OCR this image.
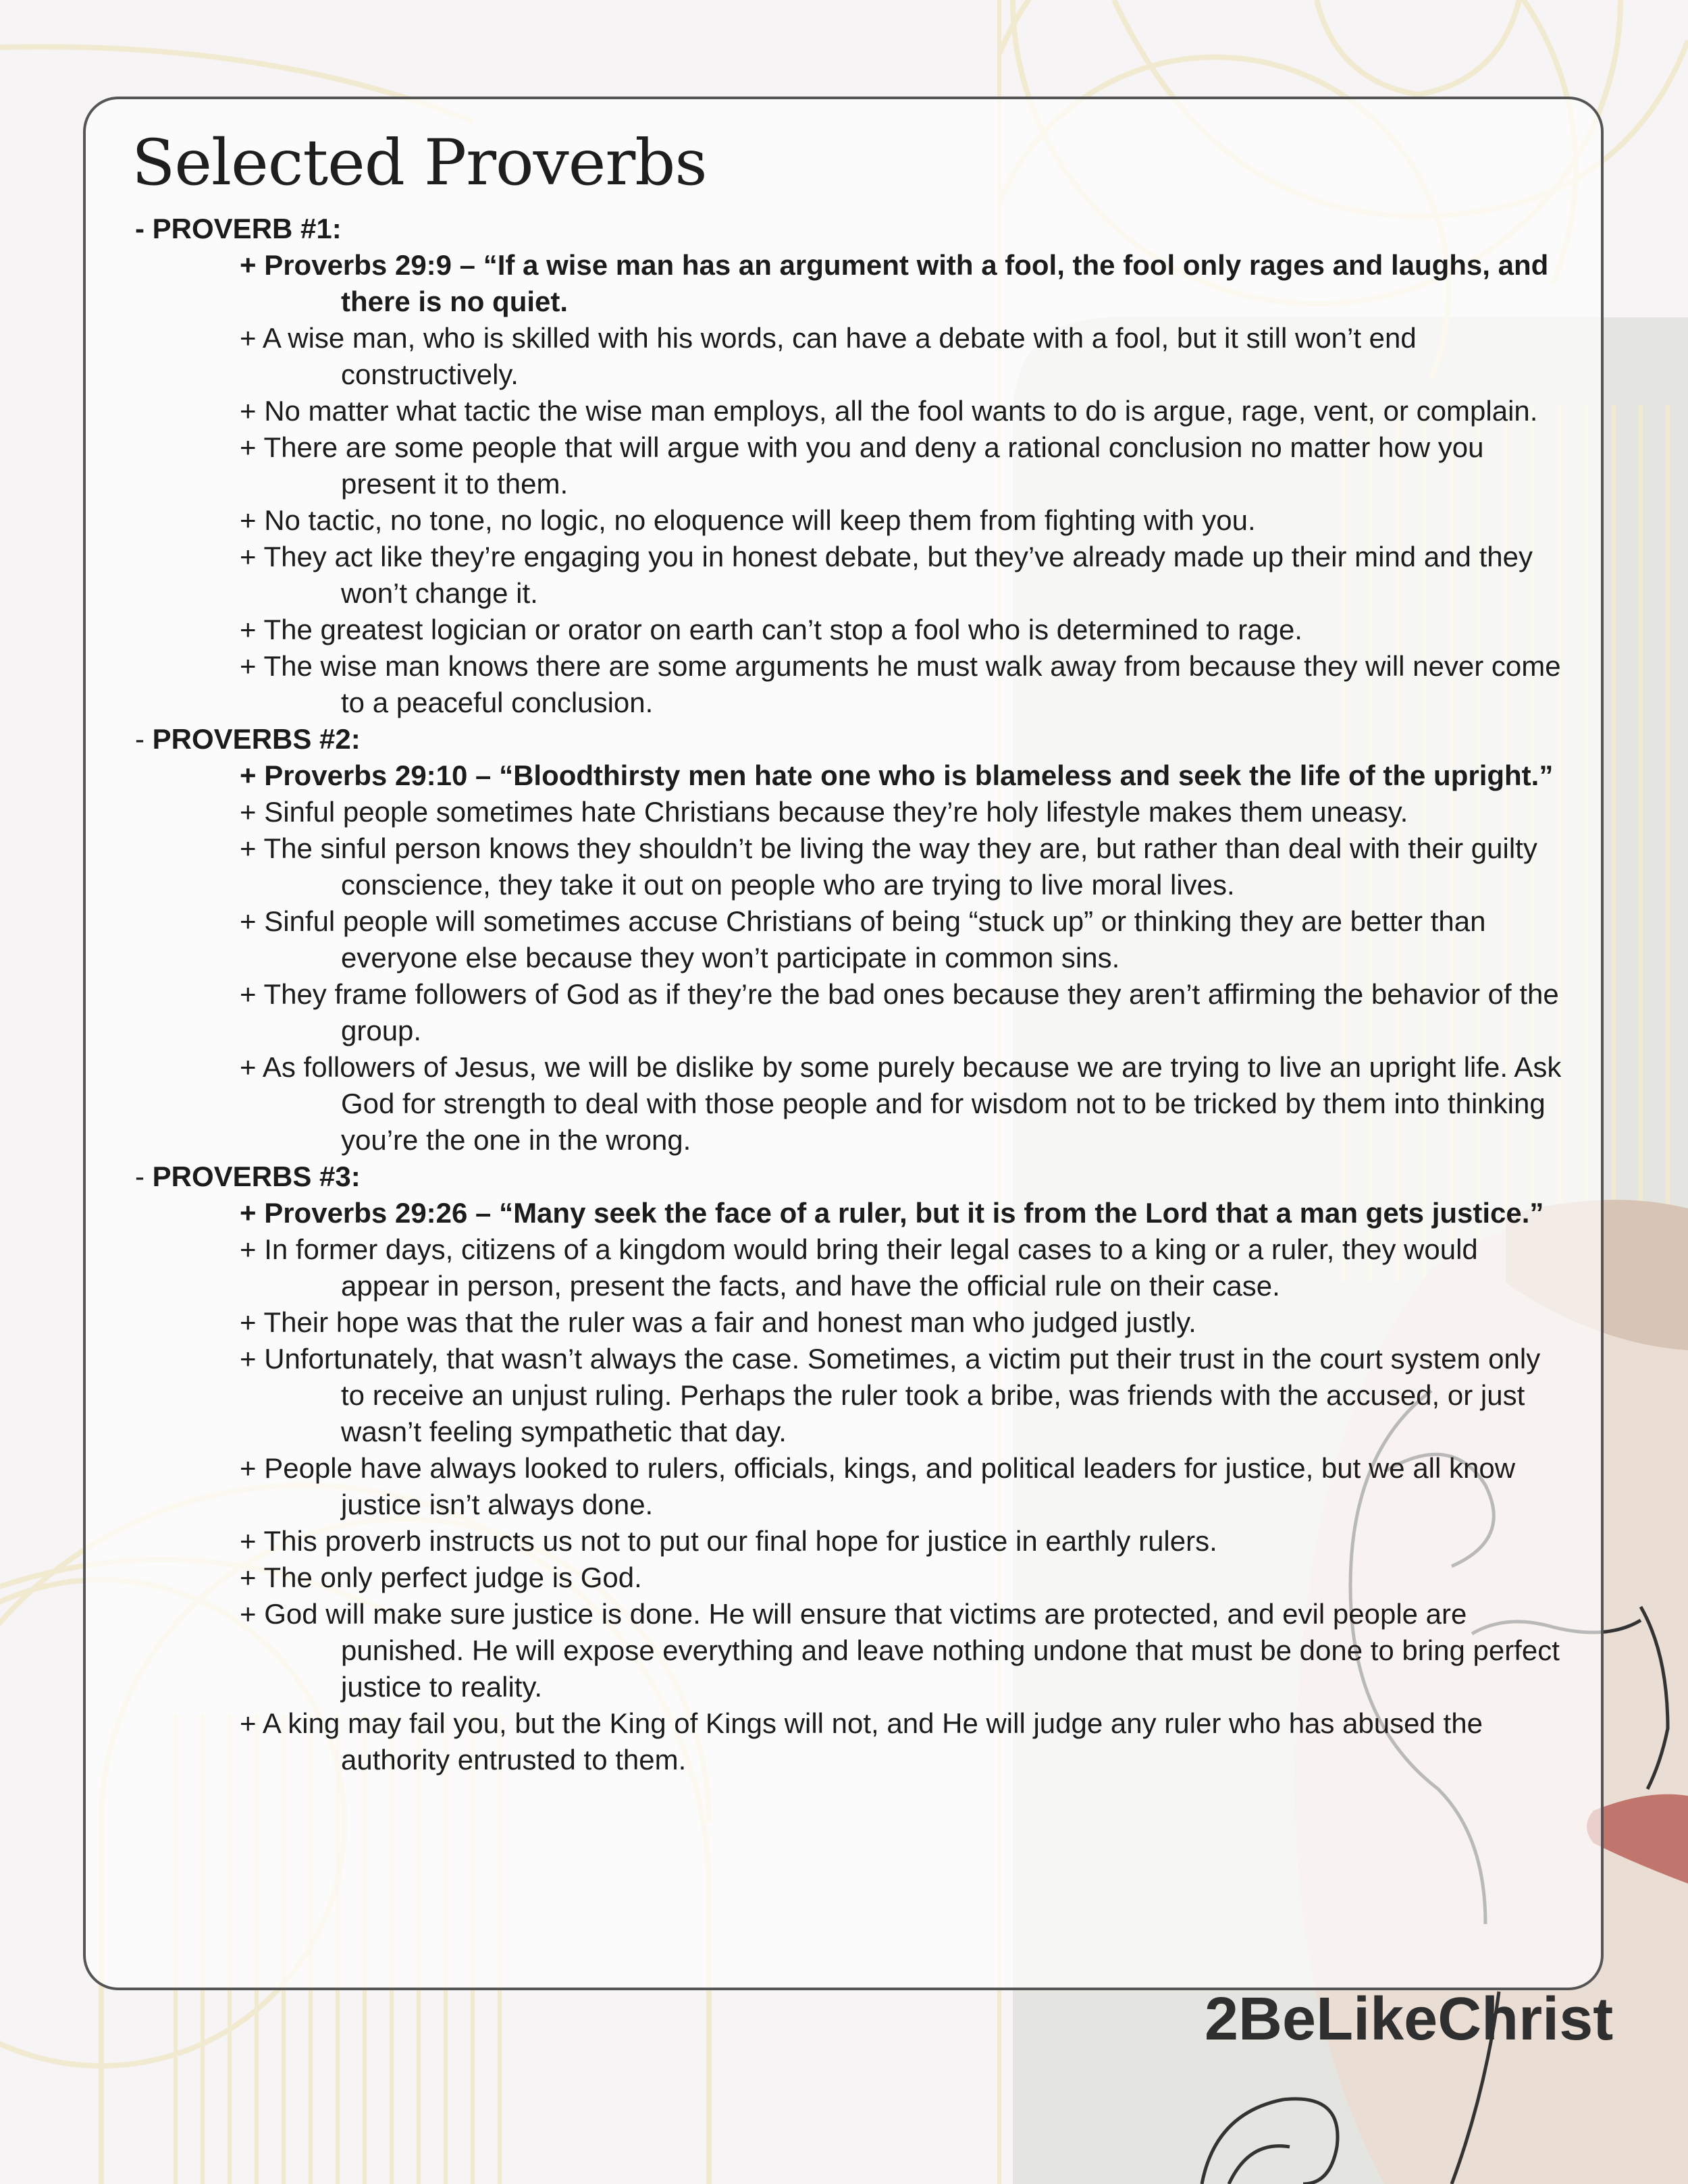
Selected Proverbs
- PROVERB #1:
+ Proverbs 29:9 – “If a wise man has an argument with a fool, the fool only rages and laughs, and there is no quiet.
+ A wise man, who is skilled with his words, can have a debate with a fool, but it still won’t end constructively.
+ No matter what tactic the wise man employs, all the fool wants to do is argue, rage, vent, or complain.
+ There are some people that will argue with you and deny a rational conclusion no matter how you present it to them.
+ No tactic, no tone, no logic, no eloquence will keep them from fighting with you.
+ They act like they’re engaging you in honest debate, but they’ve already made up their mind and they won’t change it.
+ The greatest logician or orator on earth can’t stop a fool who is determined to rage.
+ The wise man knows there are some arguments he must walk away from because they will never come to a peaceful conclusion.
- PROVERBS #2:
+ Proverbs 29:10 – “Bloodthirsty men hate one who is blameless and seek the life of the upright.”
+ Sinful people sometimes hate Christians because they’re holy lifestyle makes them uneasy.
+ The sinful person knows they shouldn’t be living the way they are, but rather than deal with their guilty conscience, they take it out on people who are trying to live moral lives.
+ Sinful people will sometimes accuse Christians of being “stuck up” or thinking they are better than everyone else because they won’t participate in common sins.
+ They frame followers of God as if they’re the bad ones because they aren’t affirming the behavior of the group.
+ As followers of Jesus, we will be dislike by some purely because we are trying to live an upright life. Ask God for strength to deal with those people and for wisdom not to be tricked by them into thinking you’re the one in the wrong.
- PROVERBS #3:
+ Proverbs 29:26 – “Many seek the face of a ruler, but it is from the Lord that a man gets justice.”
+ In former days, citizens of a kingdom would bring their legal cases to a king or a ruler, they would appear in person, present the facts, and have the official rule on their case.
+ Their hope was that the ruler was a fair and honest man who judged justly.
+ Unfortunately, that wasn’t always the case. Sometimes, a victim put their trust in the court system only to receive an unjust ruling. Perhaps the ruler took a bribe, was friends with the accused, or just wasn’t feeling sympathetic that day.
+ People have always looked to rulers, officials, kings, and political leaders for justice, but we all know justice isn’t always done.
+ This proverb instructs us not to put our final hope for justice in earthly rulers.
+ The only perfect judge is God.
+ God will make sure justice is done. He will ensure that victims are protected, and evil people are punished. He will expose everything and leave nothing undone that must be done to bring perfect justice to reality.
+ A king may fail you, but the King of Kings will not, and He will judge any ruler who has abused the authority entrusted to them.
2BeLikeChrist
